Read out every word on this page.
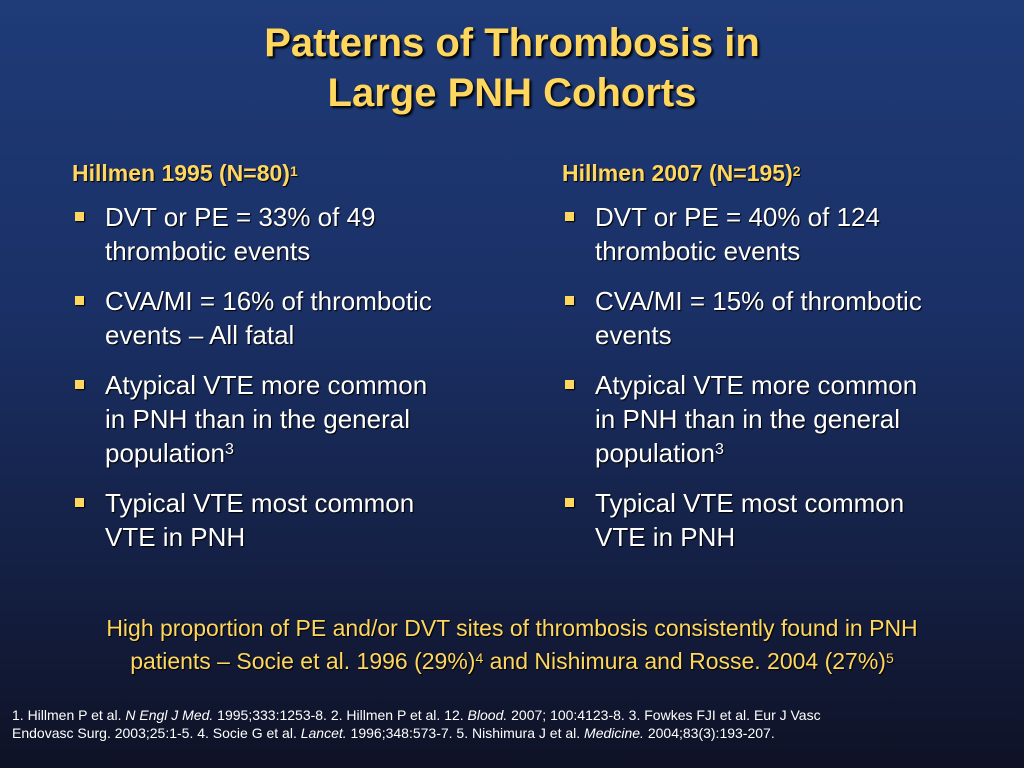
Patterns of Thrombosis in
Large PNH Cohorts
Hillmen 1995 (N=80)$^1$
DVT or PE = 33% of 49
thrombotic events
CVA/MI = 16% of thrombotic
events – All fatal
Atypical VTE more common
in PNH than in the general
population$^3$
Typical VTE most common
VTE in PNH
Hillmen 2007 (N=195)$^2$
DVT or PE = 40% of 124
thrombotic events
CVA/MI = 15% of thrombotic
events
Atypical VTE more common
in PNH than in the general
population$^3$
Typical VTE most common
VTE in PNH
High proportion of PE and/or DVT sites of thrombosis consistently found in PNH
patients – Socie et al. 1996 $(29\%)^4$ and Nishimura and Rosse. 2004 $(27\%)^5$
1. Hillmen P et al. N Engl J Med. 1995;333:1253-8. 2. Hillmen P et al. 12. Blood. 2007; 100:4123-8. 3. Fowkes FJI et al. Eur J Vasc
Endovasc Surg. 2003;25:1-5. 4. Socie G et al. Lancet. 1996;348:573-7. 5. Nishimura J et al. Medicine. 2004;83(3):193-207.
